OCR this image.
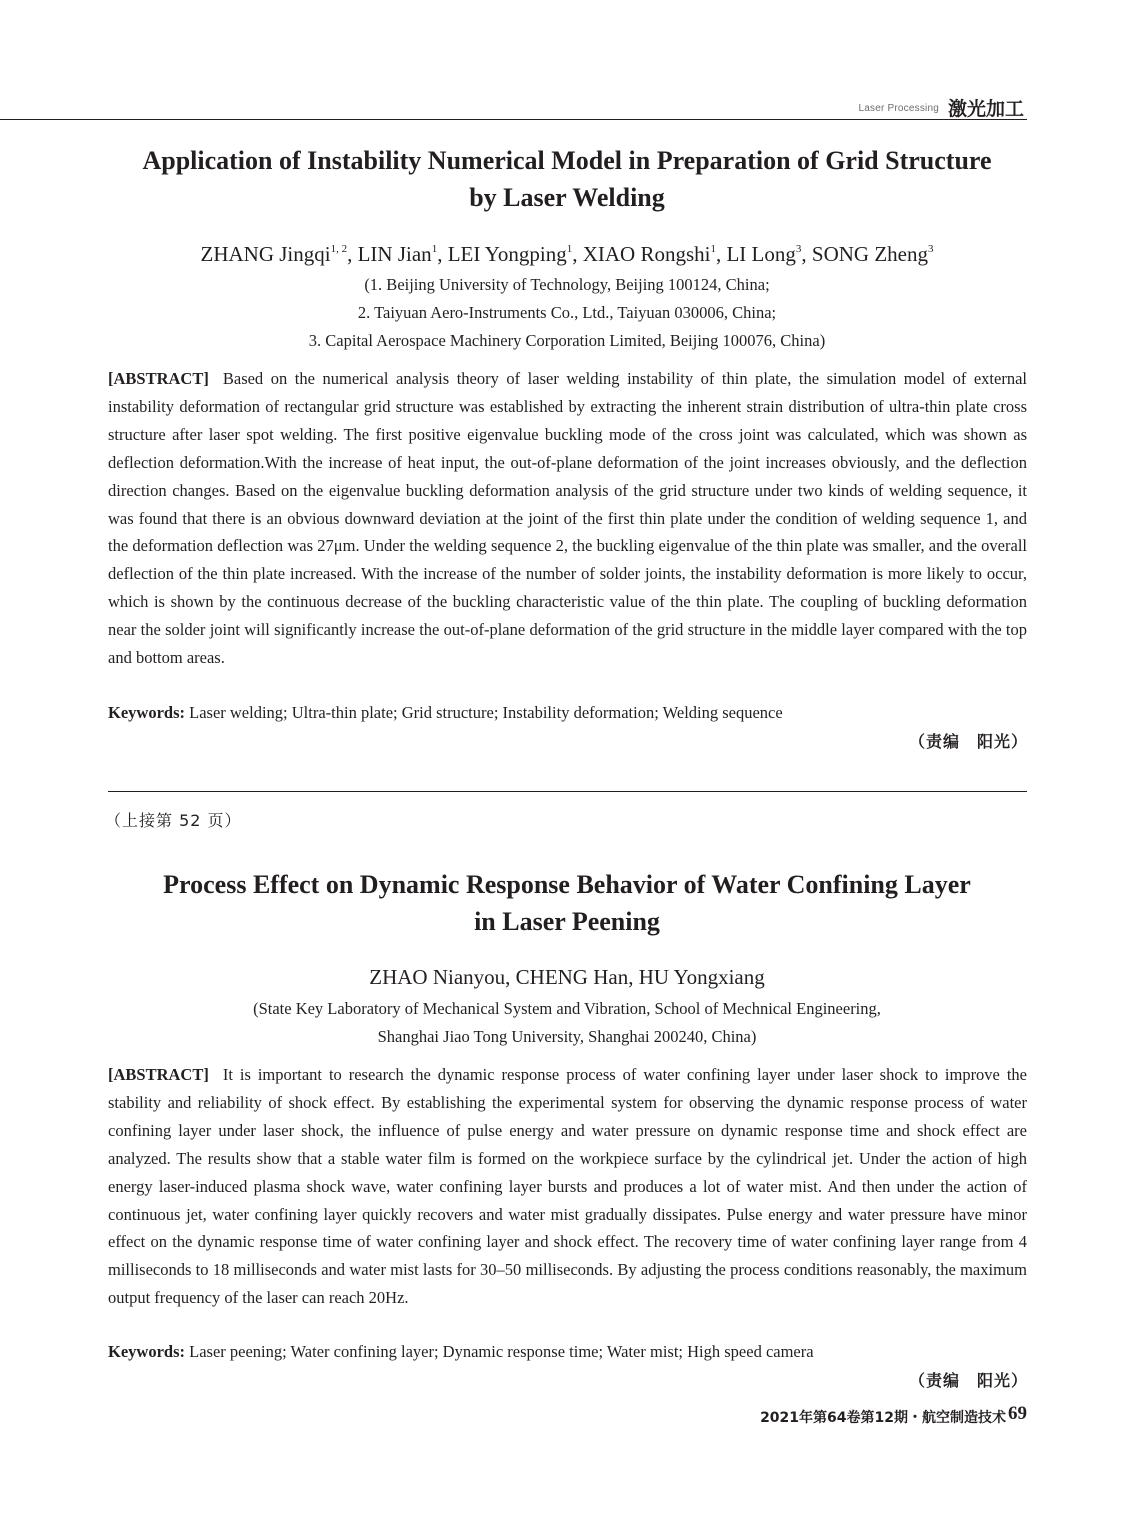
Laser Processing 激光加工
Application of Instability Numerical Model in Preparation of Grid Structure
by Laser Welding
ZHANG Jingqi$^{1, 2}$, LIN Jian$^1$, LEI Yongping$^1$, XIAO Rongshi$^1$, LI Long$^3$, SONG Zheng$^3$
(1. Beijing University of Technology, Beijing 100124, China;
2. Taiyuan Aero-Instruments Co., Ltd., Taiyuan 030006, China;
3. Capital Aerospace Machinery Corporation Limited, Beijing 100076, China)
[ABSTRACT] Based on the numerical analysis theory of laser welding instability of thin plate, the simulation model of external instability deformation of rectangular grid structure was established by extracting the inherent strain distribution of ultra-thin plate cross structure after laser spot welding. The first positive eigenvalue buckling mode of the cross joint was calculated, which was shown as deflection deformation.With the increase of heat input, the out-of-plane deformation of the joint increases obviously, and the deflection direction changes. Based on the eigenvalue buckling deformation analysis of the grid structure under two kinds of welding sequence, it was found that there is an obvious downward deviation at the joint of the first thin plate under the condition of welding sequence 1, and the deformation deflection was 27μm. Under the welding sequence 2, the buckling eigenvalue of the thin plate was smaller, and the overall deflection of the thin plate increased. With the increase of the number of solder joints, the instability deformation is more likely to occur, which is shown by the continuous decrease of the buckling characteristic value of the thin plate. The coupling of buckling deformation near the solder joint will significantly increase the out-of-plane deformation of the grid structure in the middle layer compared with the top and bottom areas.
Keywords: Laser welding; Ultra-thin plate; Grid structure; Instability deformation; Welding sequence
（责编　阳光）
（上接第 52 页）
Process Effect on Dynamic Response Behavior of Water Confining Layer
in Laser Peening
ZHAO Nianyou, CHENG Han, HU Yongxiang
(State Key Laboratory of Mechanical System and Vibration, School of Mechnical Engineering,
Shanghai Jiao Tong University, Shanghai 200240, China)
[ABSTRACT] It is important to research the dynamic response process of water confining layer under laser shock to improve the stability and reliability of shock effect. By establishing the experimental system for observing the dynamic response process of water confining layer under laser shock, the influence of pulse energy and water pressure on dynamic response time and shock effect are analyzed. The results show that a stable water film is formed on the workpiece surface by the cylindrical jet. Under the action of high energy laser-induced plasma shock wave, water confining layer bursts and produces a lot of water mist. And then under the action of continuous jet, water confining layer quickly recovers and water mist gradually dissipates. Pulse energy and water pressure have minor effect on the dynamic response time of water confining layer and shock effect. The recovery time of water confining layer range from 4 milliseconds to 18 milliseconds and water mist lasts for 30–50 milliseconds. By adjusting the process conditions reasonably, the maximum output frequency of the laser can reach 20Hz.
Keywords: Laser peening; Water confining layer; Dynamic response time; Water mist; High speed camera
（责编　阳光）
2021年第64卷第12期・航空制造技术 69
